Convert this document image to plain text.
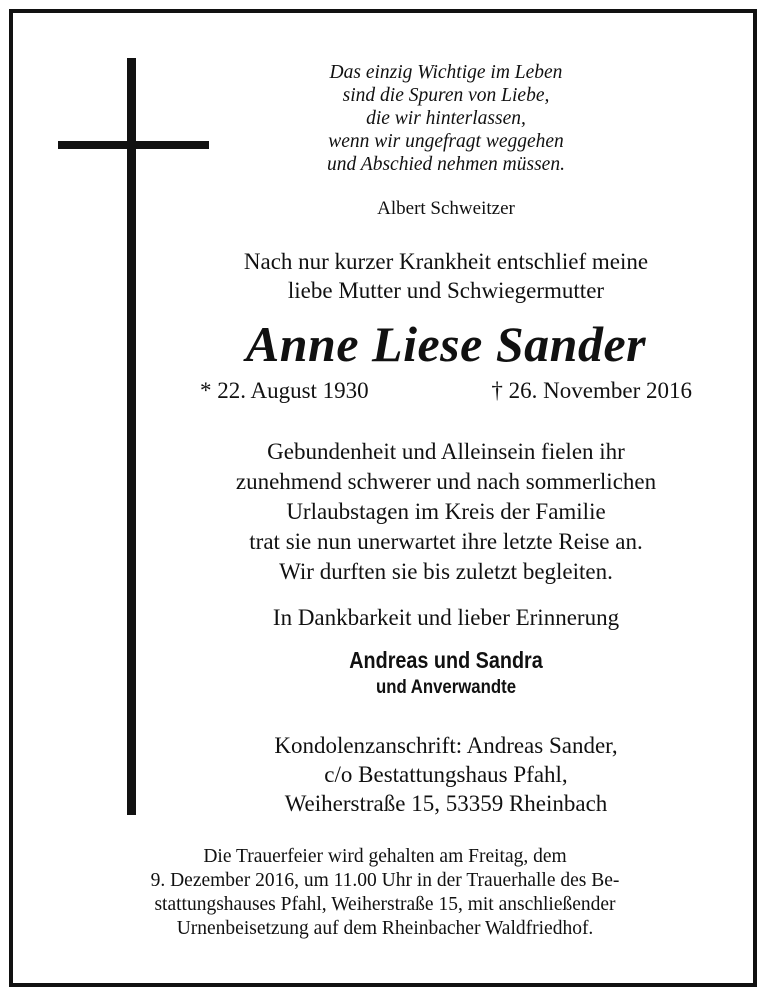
Das einzig Wichtige im Leben
sind die Spuren von Liebe,
die wir hinterlassen,
wenn wir ungefragt weggehen
und Abschied nehmen müssen.

Albert Schweitzer

Nach nur kurzer Krankheit entschlief meine
liebe Mutter und Schwiegermutter

Anne Liese Sander
* 22. August 1930	† 26. November 2016

Gebundenheit und Alleinsein fielen ihr
zunehmend schwerer und nach sommerlichen
Urlaubstagen im Kreis der Familie
trat sie nun unerwartet ihre letzte Reise an.
Wir durften sie bis zuletzt begleiten.

In Dankbarkeit und lieber Erinnerung

Andreas und Sandra

und Anverwandte

Kondolenzanschrift: Andreas Sander,
c/o Bestattungshaus Pfahl,
Weiherstraße 15, 53359 Rheinbach

Die Trauerfeier wird gehalten am Freitag, dem
9. Dezember 2016, um 11.00 Uhr in der Trauerhalle des Be-
stattungshauses Pfahl, Weiherstraße 15, mit anschließender
Urnenbeisetzung auf dem Rheinbacher Waldfriedhof.
